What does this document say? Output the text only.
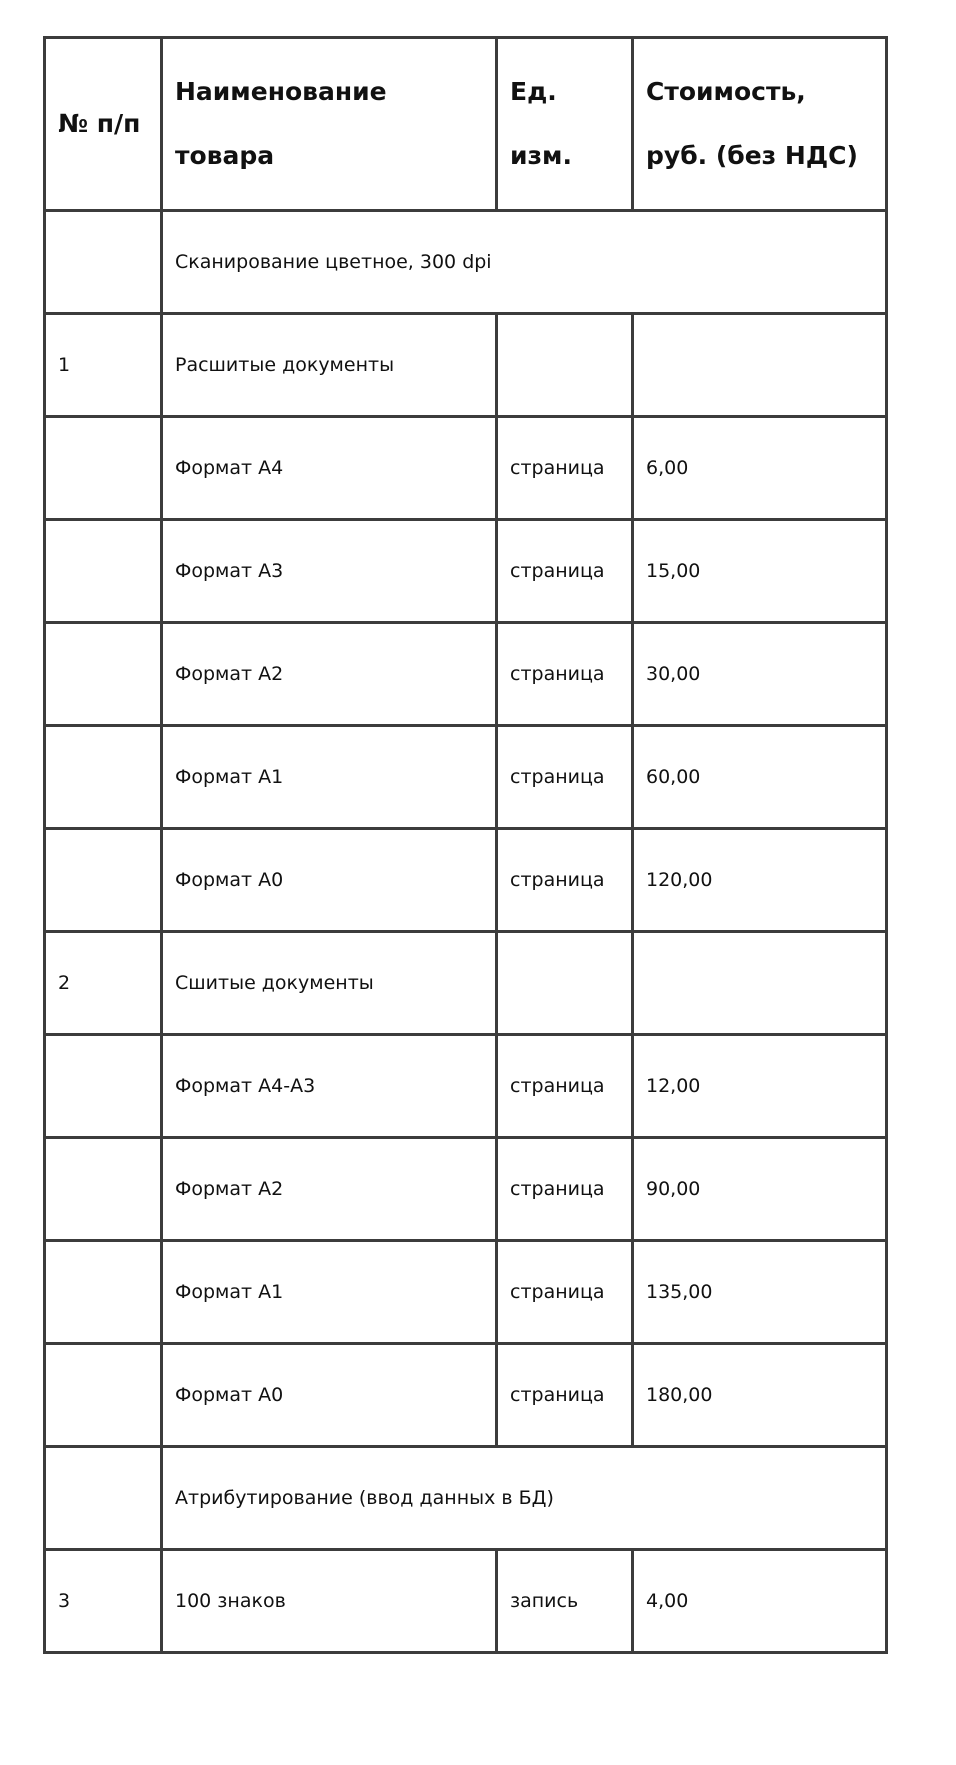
№ п/п	Наименование товара	Ед. изм.	Стоимость, руб. (без НДС)
	Сканирование цветное, 300 dpi		
1	Расшитые документы		
	Формат А4	страница	6,00
	Формат А3	страница	15,00
	Формат А2	страница	30,00
	Формат А1	страница	60,00
	Формат А0	страница	120,00
2	Сшитые документы		
	Формат А4-А3	страница	12,00
	Формат А2	страница	90,00
	Формат А1	страница	135,00
	Формат А0	страница	180,00
	Атрибутирование (ввод данных в БД)		
3	100 знаков	запись	4,00
